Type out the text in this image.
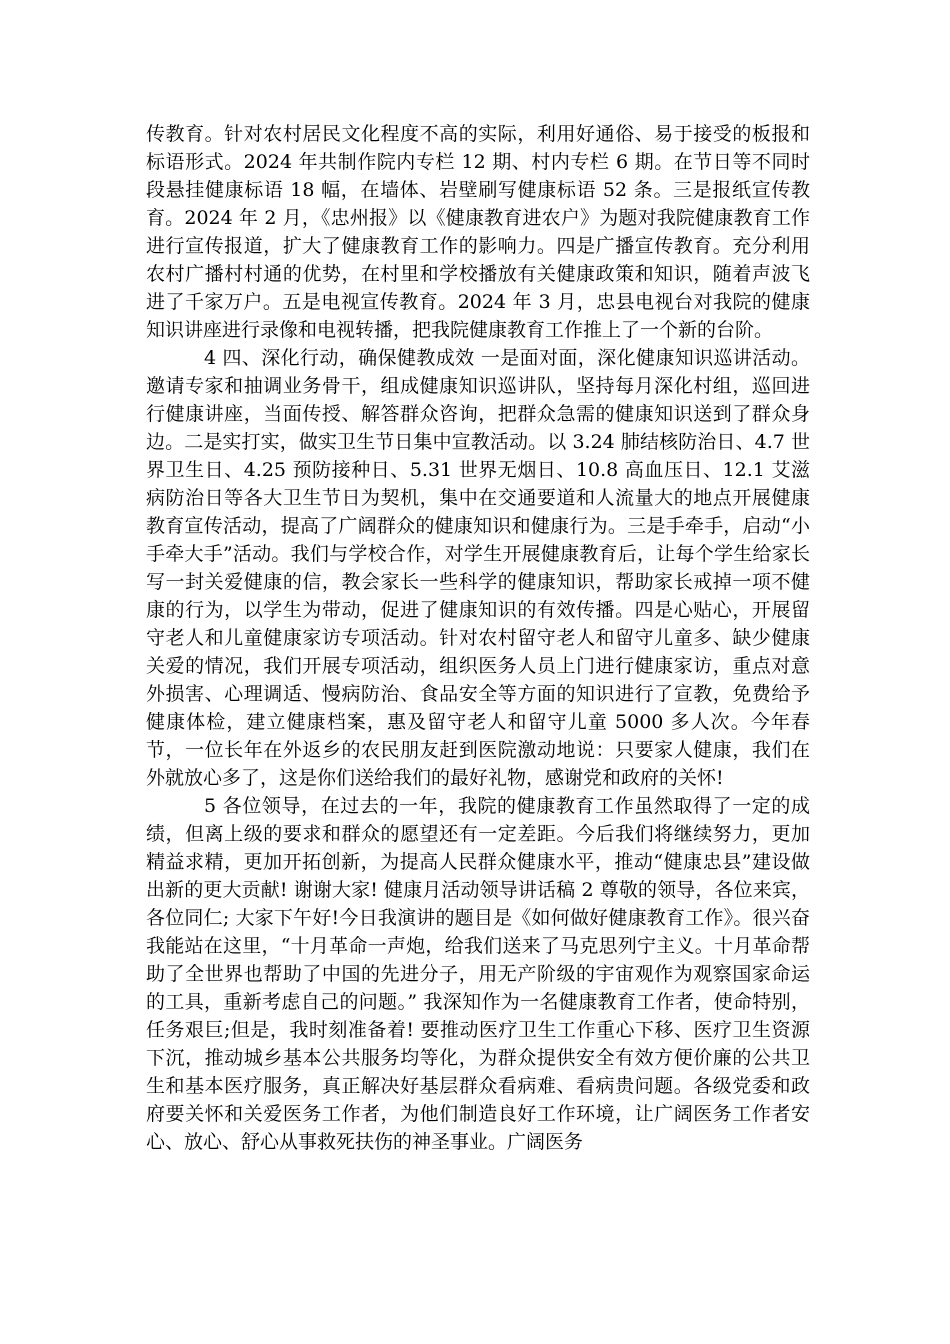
传教育。针对农村居民文化程度不高的实际，利用好通俗、易于接受的板报和标语形式。2024 年共制作院内专栏 12 期、村内专栏 6 期。在节日等不同时段悬挂健康标语 18 幅，在墙体、岩壁刷写健康标语 52 条。三是报纸宣传教育。2024 年 2 月，《忠州报》以《健康教育进农户》为题对我院健康教育工作进行宣传报道，扩大了健康教育工作的影响力。四是广播宣传教育。充分利用农村广播村村通的优势，在村里和学校播放有关健康政策和知识，随着声波飞进了千家万户。五是电视宣传教育。2024 年 3 月，忠县电视台对我院的健康知识讲座进行录像和电视转播，把我院健康教育工作推上了一个新的台阶。

4 四、深化行动，确保健教成效 一是面对面，深化健康知识巡讲活动。邀请专家和抽调业务骨干，组成健康知识巡讲队，坚持每月深化村组，巡回进行健康讲座，当面传授、解答群众咨询，把群众急需的健康知识送到了群众身边。二是实打实，做实卫生节日集中宣教活动。以 3.24 肺结核防治日、4.7 世界卫生日、4.25 预防接种日、5.31 世界无烟日、10.8 高血压日、12.1 艾滋病防治日等各大卫生节日为契机，集中在交通要道和人流量大的地点开展健康教育宣传活动，提高了广阔群众的健康知识和健康行为。三是手牵手，启动“小手牵大手”活动。我们与学校合作，对学生开展健康教育后，让每个学生给家长写一封关爱健康的信，教会家长一些科学的健康知识，帮助家长戒掉一项不健康的行为，以学生为带动，促进了健康知识的有效传播。四是心贴心，开展留守老人和儿童健康家访专项活动。针对农村留守老人和留守儿童多、缺少健康关爱的情况，我们开展专项活动，组织医务人员上门进行健康家访，重点对意外损害、心理调适、慢病防治、食品安全等方面的知识进行了宣教，免费给予健康体检，建立健康档案，惠及留守老人和留守儿童 5000 多人次。今年春节，一位长年在外返乡的农民朋友赶到医院激动地说：只要家人健康，我们在外就放心多了，这是你们送给我们的最好礼物，感谢党和政府的关怀!

5 各位领导，在过去的一年，我院的健康教育工作虽然取得了一定的成绩，但离上级的要求和群众的愿望还有一定差距。今后我们将继续努力，更加精益求精，更加开拓创新，为提高人民群众健康水平，推动“健康忠县”建设做出新的更大贡献! 谢谢大家! 健康月活动领导讲话稿 2 尊敬的领导，各位来宾，各位同仁; 大家下午好!今日我演讲的题目是《如何做好健康教育工作》。很兴奋我能站在这里，“十月革命一声炮，给我们送来了马克思列宁主义。十月革命帮助了全世界也帮助了中国的先进分子，用无产阶级的宇宙观作为观察国家命运的工具，重新考虑自己的问题。” 我深知作为一名健康教育工作者，使命特别，任务艰巨;但是，我时刻准备着! 要推动医疗卫生工作重心下移、医疗卫生资源下沉，推动城乡基本公共服务均等化，为群众提供安全有效方便价廉的公共卫生和基本医疗服务，真正解决好基层群众看病难、看病贵问题。各级党委和政府要关怀和关爱医务工作者，为他们制造良好工作环境，让广阔医务工作者安心、放心、舒心从事救死扶伤的神圣事业。广阔医务
